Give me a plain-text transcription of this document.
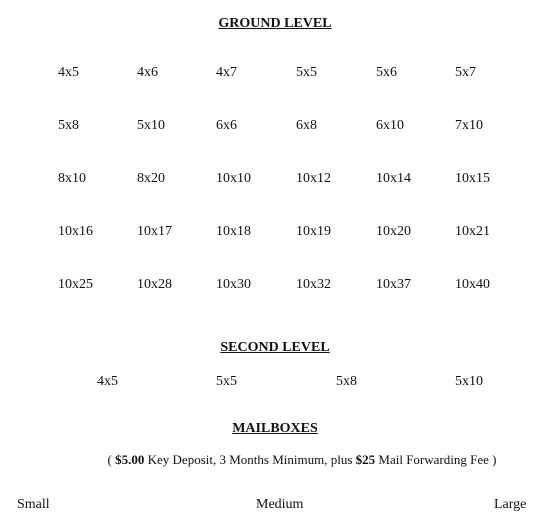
GROUND LEVEL
4x5	4x6	4x7	5x5	5x6	5x7
5x8	5x10	6x6	6x8	6x10	7x10
8x10	8x20	10x10	10x12	10x14	10x15
10x16	10x17	10x18	10x19	10x20	10x21
10x25	10x28	10x30	10x32	10x37	10x40
SECOND LEVEL
4x5	5x5	5x8	5x10
MAILBOXES
( $5.00 Key Deposit, 3 Months Minimum, plus $25 Mail Forwarding Fee )
Small	Medium	Large
